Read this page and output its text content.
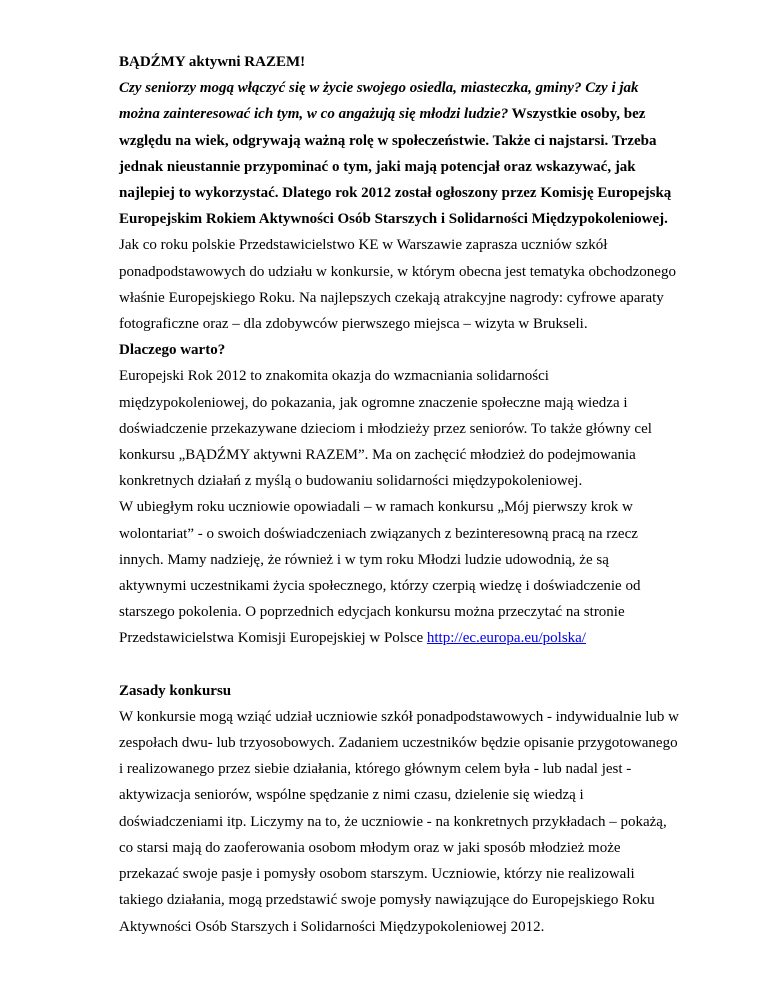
BĄDŹMY aktywni RAZEM!

Czy seniorzy mogą włączyć się w życie swojego osiedla, miasteczka, gminy? Czy i jak można zainteresować ich tym, w co angażują się młodzi ludzie? Wszystkie osoby, bez względu na wiek, odgrywają ważną rolę w społeczeństwie. Także ci najstarsi. Trzeba jednak nieustannie przypominać o tym, jaki mają potencjał oraz wskazywać, jak najlepiej to wykorzystać. Dlatego rok 2012 został ogłoszony przez Komisję Europejską Europejskim Rokiem Aktywności Osób Starszych i Solidarności Międzypokoleniowej.

Jak co roku polskie Przedstawicielstwo KE w Warszawie zaprasza uczniów szkół ponadpodstawowych do udziału w konkursie, w którym obecna jest tematyka obchodzonego właśnie Europejskiego Roku. Na najlepszych czekają atrakcyjne nagrody: cyfrowe aparaty fotograficzne oraz – dla zdobywców pierwszego miejsca – wizyta w Brukseli.

Dlaczego warto?

Europejski Rok 2012 to znakomita okazja do wzmacniania solidarności międzypokoleniowej, do pokazania, jak ogromne znaczenie społeczne mają wiedza i doświadczenie przekazywane dzieciom i młodzieży przez seniorów. To także główny cel konkursu „BĄDŹMY aktywni RAZEM”. Ma on zachęcić młodzież do podejmowania konkretnych działań z myślą o budowaniu solidarności międzypokoleniowej.

W ubiegłym roku uczniowie opowiadali – w ramach konkursu „Mój pierwszy krok w wolontariat” - o swoich doświadczeniach związanych z bezinteresowną pracą na rzecz innych. Mamy nadzieję, że również i w tym roku Młodzi ludzie udowodnią, że są aktywnymi uczestnikami życia społecznego, którzy czerpią wiedzę i doświadczenie od starszego pokolenia. O poprzednich edycjach konkursu można przeczytać na stronie Przedstawicielstwa Komisji Europejskiej w Polsce http://ec.europa.eu/polska/

Zasady konkursu

W konkursie mogą wziąć udział uczniowie szkół ponadpodstawowych - indywidualnie lub w zespołach dwu- lub trzyosobowych. Zadaniem uczestników będzie opisanie przygotowanego i realizowanego przez siebie działania, którego głównym celem była - lub nadal jest - aktywizacja seniorów, wspólne spędzanie z nimi czasu, dzielenie się wiedzą i doświadczeniami itp. Liczymy na to, że uczniowie - na konkretnych przykładach – pokażą, co starsi mają do zaoferowania osobom młodym oraz w jaki sposób młodzież może przekazać swoje pasje i pomysły osobom starszym. Uczniowie, którzy nie realizowali takiego działania, mogą przedstawić swoje pomysły nawiązujące do Europejskiego Roku Aktywności Osób Starszych i Solidarności Międzypokoleniowej 2012.
